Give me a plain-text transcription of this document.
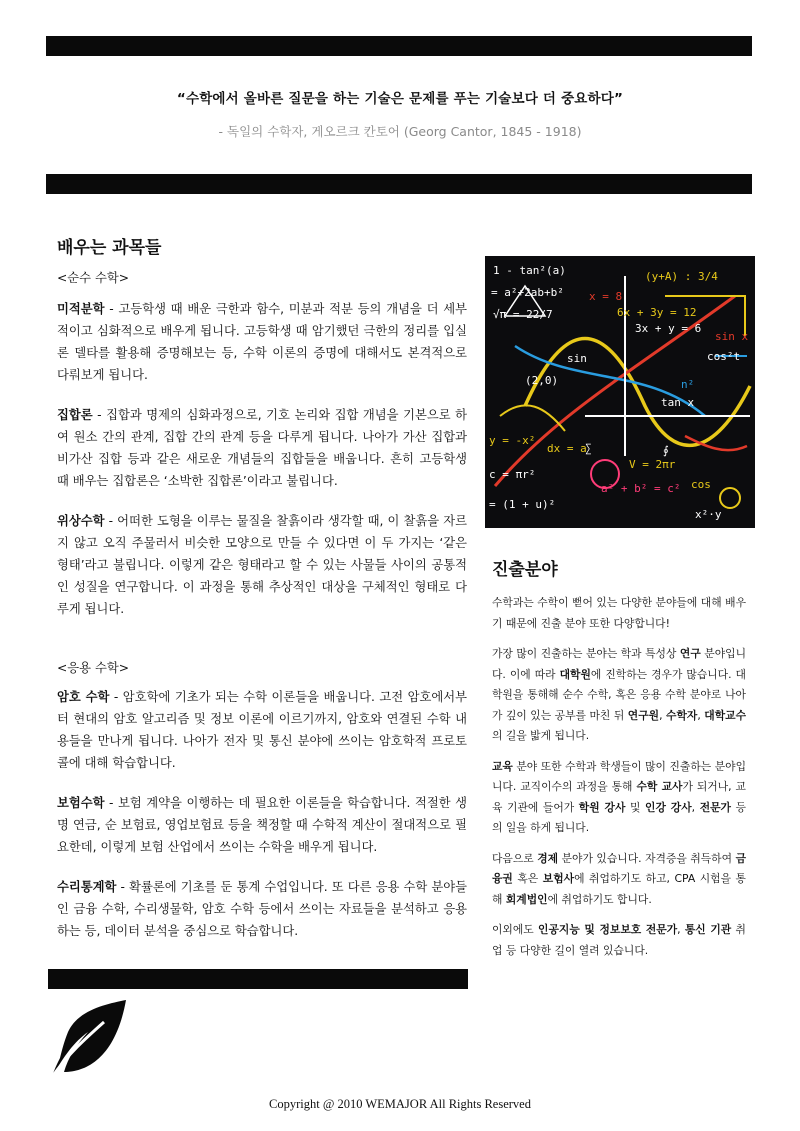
“수학에서 올바른 질문을 하는 기술은 문제를 푸는 기술보다 더 중요하다”
- 독일의 수학자, 게오르크 칸토어 (Georg Cantor, 1845 - 1918)
배우는 과목들
<순수 수학>

미적분학 - 고등학생 때 배운 극한과 함수, 미분과 적분 등의 개념을 더 세부적이고 심화적으로 배우게 됩니다. 고등학생 때 암기했던 극한의 정리를 입실론 델타를 활용해 증명해보는 등, 수학 이론의 증명에 대해서도 본격적으로 다뤄보게 됩니다.

집합론 - 집합과 명제의 심화과정으로, 기호 논리와 집합 개념을 기본으로 하여 원소 간의 관계, 집합 간의 관계 등을 다루게 됩니다. 나아가 가산 집합과 비가산 집합 등과 같은 새로운 개념들의 집합들을 배웁니다. 흔히 고등학생 때 배우는 집합론은 ‘소박한 집합론’이라고 불립니다.

위상수학 - 어떠한 도형을 이루는 물질을 찰흙이라 생각할 때, 이 찰흙을 자르지 않고 오직 주물러서 비슷한 모양으로 만들 수 있다면 이 두 가지는 ‘같은 형태’라고 불립니다. 이렇게 같은 형태라고 할 수 있는 사물들 사이의 공통적인 성질을 연구합니다. 이 과정을 통해 추상적인 대상을 구체적인 형태로 다루게 됩니다.

<응용 수학>

암호 수학 - 암호학에 기초가 되는 수학 이론들을 배웁니다. 고전 암호에서부터 현대의 암호 알고리즘 및 정보 이론에 이르기까지, 암호와 연결된 수학 내용들을 만나게 됩니다. 나아가 전자 및 통신 분야에 쓰이는 암호학적 프로토콜에 대해 학습합니다.

보험수학 - 보험 계약을 이행하는 데 필요한 이론들을 학습합니다. 적절한 생명 연금, 순 보험료, 영업보험료 등을 책정할 때 수학적 계산이 절대적으로 필요한데, 이렇게 보험 산업에서 쓰이는 수학을 배우게 됩니다.

수리통계학 - 확률론에 기초를 둔 통계 수업입니다. 또 다른 응용 수학 분야들인 금융 수학, 수리생물학, 암호 수학 등에서 쓰이는 자료들을 분석하고 응용하는 등, 데이터 분석을 중심으로 학습합니다.

1 - tan²(a)	(y+A) : 3/4
= a²+2ab+b²
√π = 22/7
x = 8
6x + 3y = 12
3x + y = 6
sin x
cos²t
(2,0)	n²
tan x
y = -x²
dx = a
∑	∮
c = πr²
V = 2πr
a² + b² = c² cos
= (1 + u)²
sin
x²·y
진출분야

수학과는 수학이 뻗어 있는 다양한 분야들에 대해 배우기 때문에 진출 분야 또한 다양합니다!

가장 많이 진출하는 분야는 학과 특성상 연구 분야입니다. 이에 따라 대학원에 진학하는 경우가 많습니다. 대학원을 통해해 순수 수학, 혹은 응용 수학 분야로 나아가 깊이 있는 공부를 마친 뒤 연구원, 수학자, 대학교수의 길을 밟게 됩니다.

교육 분야 또한 수학과 학생들이 많이 진출하는 분야입니다. 교직이수의 과정을 통해 수학 교사가 되거나, 교육 기관에 들어가 학원 강사 및 인강 강사, 전문가 등의 일을 하게 됩니다.

다음으로 경제 분야가 있습니다. 자격증을 취득하여 금융권 혹은 보험사에 취업하기도 하고, CPA 시험을 통해 회계법인에 취업하기도 합니다.

이외에도 인공지능 및 정보보호 전문가, 통신 기관 취업 등 다양한 길이 열려 있습니다.

Copyright @ 2010 WEMAJOR All Rights Reserved
